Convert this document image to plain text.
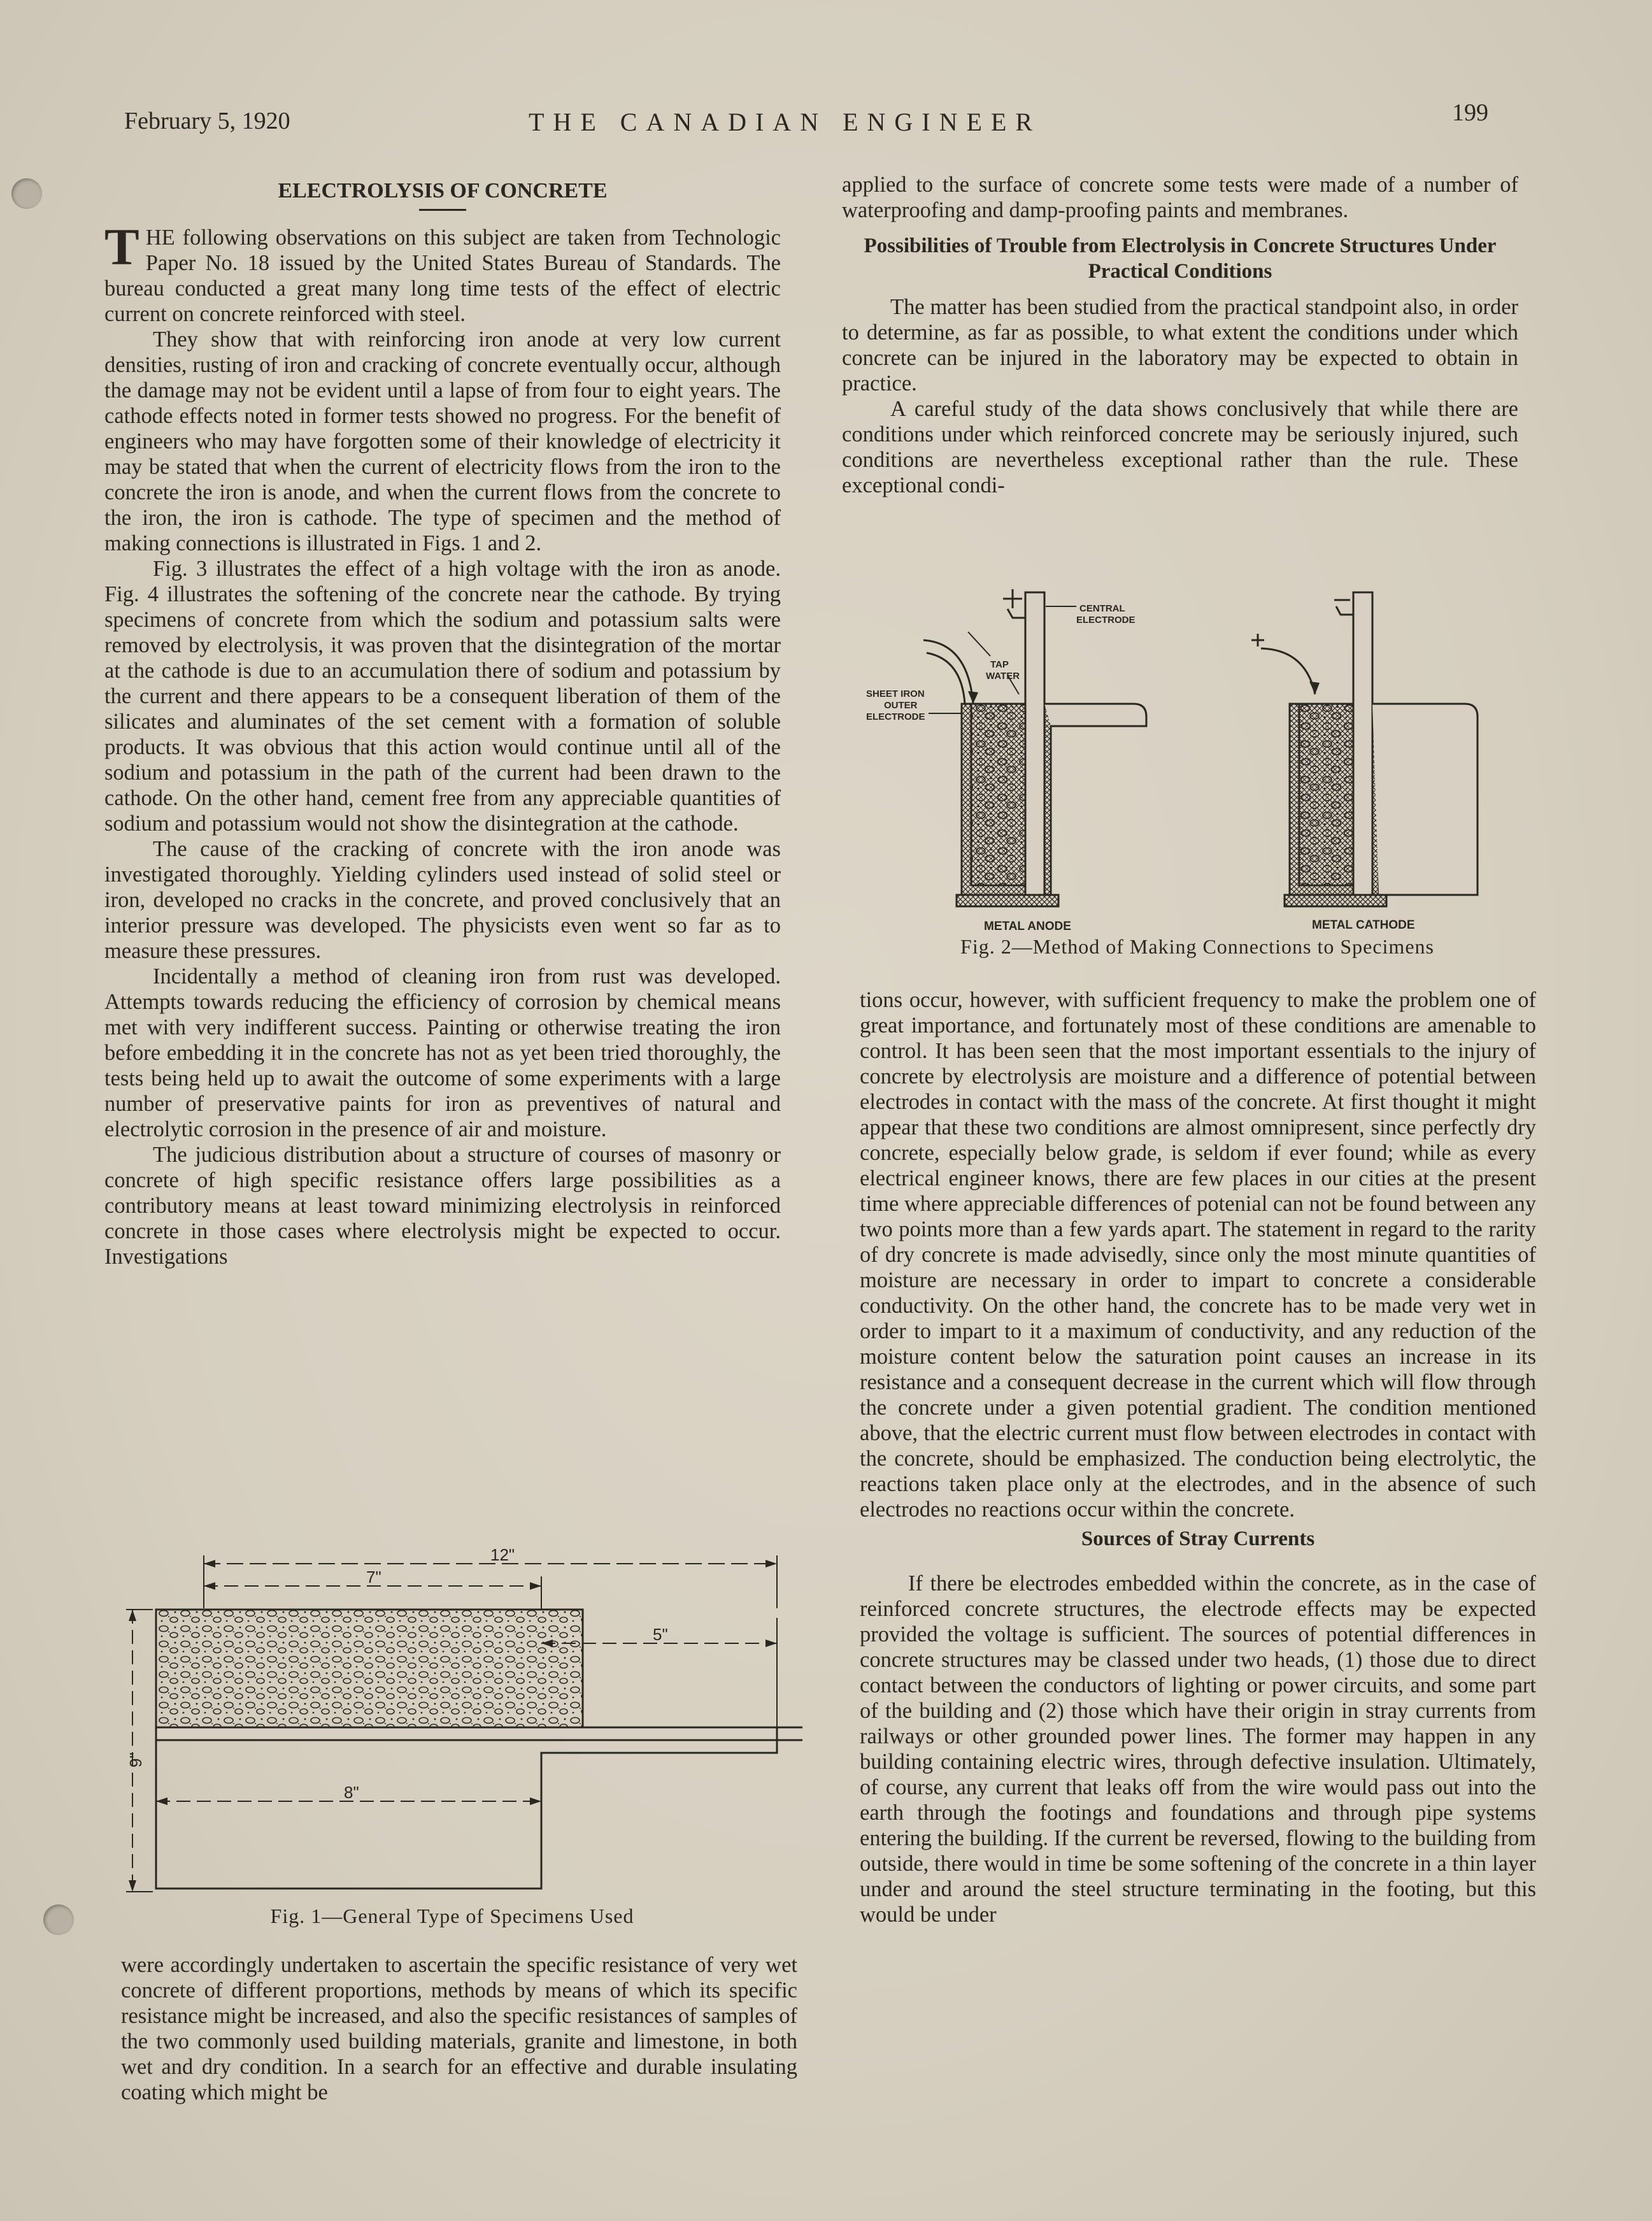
February 5, 1920	THE CANADIAN ENGINEER	199
ELECTROLYSIS OF CONCRETE

THE following observations on this subject are taken from Technologic Paper No. 18 issued by the United States Bureau of Standards. The bureau conducted a great many long time tests of the effect of electric current on concrete reinforced with steel.

They show that with reinforcing iron anode at very low current densities, rusting of iron and cracking of concrete eventually occur, although the damage may not be evident until a lapse of from four to eight years. The cathode effects noted in former tests showed no progress. For the benefit of engineers who may have forgotten some of their knowledge of electricity it may be stated that when the current of electricity flows from the iron to the concrete the iron is anode, and when the current flows from the concrete to the iron, the iron is cathode. The type of specimen and the method of making connections is illustrated in Figs. 1 and 2.

Fig. 3 illustrates the effect of a high voltage with the iron as anode. Fig. 4 illustrates the softening of the concrete near the cathode. By trying specimens of concrete from which the sodium and potassium salts were removed by electrolysis, it was proven that the disintegration of the mortar at the cathode is due to an accumulation there of sodium and potassium by the current and there appears to be a consequent liberation of them of the silicates and aluminates of the set cement with a formation of soluble products. It was obvious that this action would continue until all of the sodium and potassium in the path of the current had been drawn to the cathode. On the other hand, cement free from any appreciable quantities of sodium and potassium would not show the disintegration at the cathode.

The cause of the cracking of concrete with the iron anode was investigated thoroughly. Yielding cylinders used instead of solid steel or iron, developed no cracks in the concrete, and proved conclusively that an interior pressure was developed. The physicists even went so far as to measure these pressures.

Incidentally a method of cleaning iron from rust was developed. Attempts towards reducing the efficiency of corrosion by chemical means met with very indifferent success. Painting or otherwise treating the iron before embedding it in the concrete has not as yet been tried thoroughly, the tests being held up to await the outcome of some experiments with a large number of preservative paints for iron as preventives of natural and electrolytic corrosion in the presence of air and moisture.

The judicious distribution about a structure of courses of masonry or concrete of high specific resistance offers large possibilities as a contributory means at least toward minimizing electrolysis in reinforced concrete in those cases where electrolysis might be expected to occur. Investigations

12"
7"
5"
8"
9"
Fig. 1—General Type of Specimens Used

were accordingly undertaken to ascertain the specific resistance of very wet concrete of different proportions, methods by means of which its specific resistance might be increased, and also the specific resistances of samples of the two commonly used building materials, granite and limestone, in both wet and dry condition. In a search for an effective and durable insulating coating which might be

applied to the surface of concrete some tests were made of a number of waterproofing and damp-proofing paints and membranes.

Possibilities of Trouble from Electrolysis in Concrete Structures Under Practical Conditions

The matter has been studied from the practical standpoint also, in order to determine, as far as possible, to what extent the conditions under which concrete can be injured in the laboratory may be expected to obtain in practice.

A careful study of the data shows conclusively that while there are conditions under which reinforced concrete may be seriously injured, such conditions are nevertheless exceptional rather than the rule. These exceptional condi-

CENTRAL
ELECTRODE
TAP
WATER
SHEET IRON
OUTER
ELECTRODE
METAL ANODE	METAL CATHODE
Fig. 2—Method of Making Connections to Specimens

tions occur, however, with sufficient frequency to make the problem one of great importance, and fortunately most of these conditions are amenable to control. It has been seen that the most important essentials to the injury of concrete by electrolysis are moisture and a difference of potential between electrodes in contact with the mass of the concrete. At first thought it might appear that these two conditions are almost omnipresent, since perfectly dry concrete, especially below grade, is seldom if ever found; while as every electrical engineer knows, there are few places in our cities at the present time where appreciable differences of potenial can not be found between any two points more than a few yards apart. The statement in regard to the rarity of dry concrete is made advisedly, since only the most minute quantities of moisture are necessary in order to impart to concrete a considerable conductivity. On the other hand, the concrete has to be made very wet in order to impart to it a maximum of conductivity, and any reduction of the moisture content below the saturation point causes an increase in its resistance and a consequent decrease in the current which will flow through the concrete under a given potential gradient. The condition mentioned above, that the electric current must flow between electrodes in contact with the concrete, should be emphasized. The conduction being electrolytic, the reactions taken place only at the electrodes, and in the absence of such electrodes no reactions occur within the concrete.

Sources of Stray Currents

If there be electrodes embedded within the concrete, as in the case of reinforced concrete structures, the electrode effects may be expected provided the voltage is sufficient. The sources of potential differences in concrete structures may be classed under two heads, (1) those due to direct contact between the conductors of lighting or power circuits, and some part of the building and (2) those which have their origin in stray currents from railways or other grounded power lines. The former may happen in any building containing electric wires, through defective insulation. Ultimately, of course, any current that leaks off from the wire would pass out into the earth through the footings and foundations and through pipe systems entering the building. If the current be reversed, flowing to the building from outside, there would in time be some softening of the concrete in a thin layer under and around the steel structure terminating in the footing, but this would be under
